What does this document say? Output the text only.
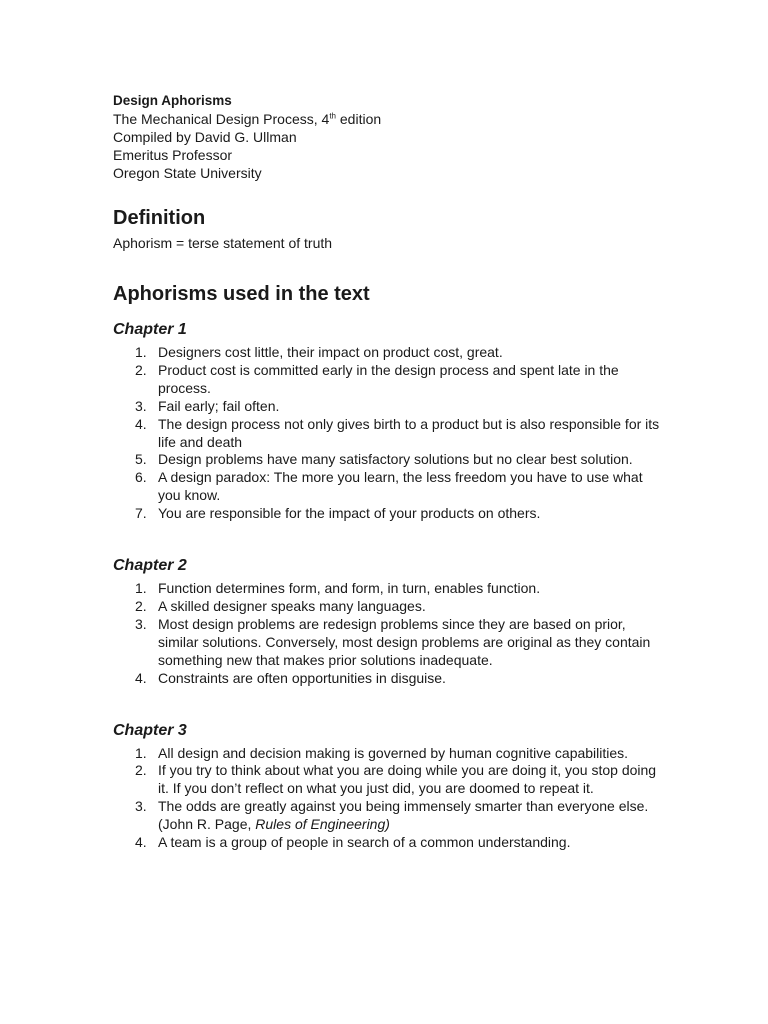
Design Aphorisms

The Mechanical Design Process, 4th edition

Compiled by David G. Ullman

Emeritus Professor

Oregon State University

Definition

Aphorism = terse statement of truth

Aphorisms used in the text
Chapter 1
1. Designers cost little, their impact on product cost, great.
2. Product cost is committed early in the design process and spent late in the process.
3. Fail early; fail often.
4. The design process not only gives birth to a product but is also responsible for its life and death
5. Design problems have many satisfactory solutions but no clear best solution.
6. A design paradox: The more you learn, the less freedom you have to use what you know.
7. You are responsible for the impact of your products on others.
Chapter 2
1. Function determines form, and form, in turn, enables function.
2. A skilled designer speaks many languages.
3. Most design problems are redesign problems since they are based on prior, similar solutions. Conversely, most design problems are original as they contain something new that makes prior solutions inadequate.
4. Constraints are often opportunities in disguise.
Chapter 3
1. All design and decision making is governed by human cognitive capabilities.
2. If you try to think about what you are doing while you are doing it, you stop doing it. If you don’t reflect on what you just did, you are doomed to repeat it.
3. The odds are greatly against you being immensely smarter than everyone else. (John R. Page, Rules of Engineering)
4. A team is a group of people in search of a common understanding.
